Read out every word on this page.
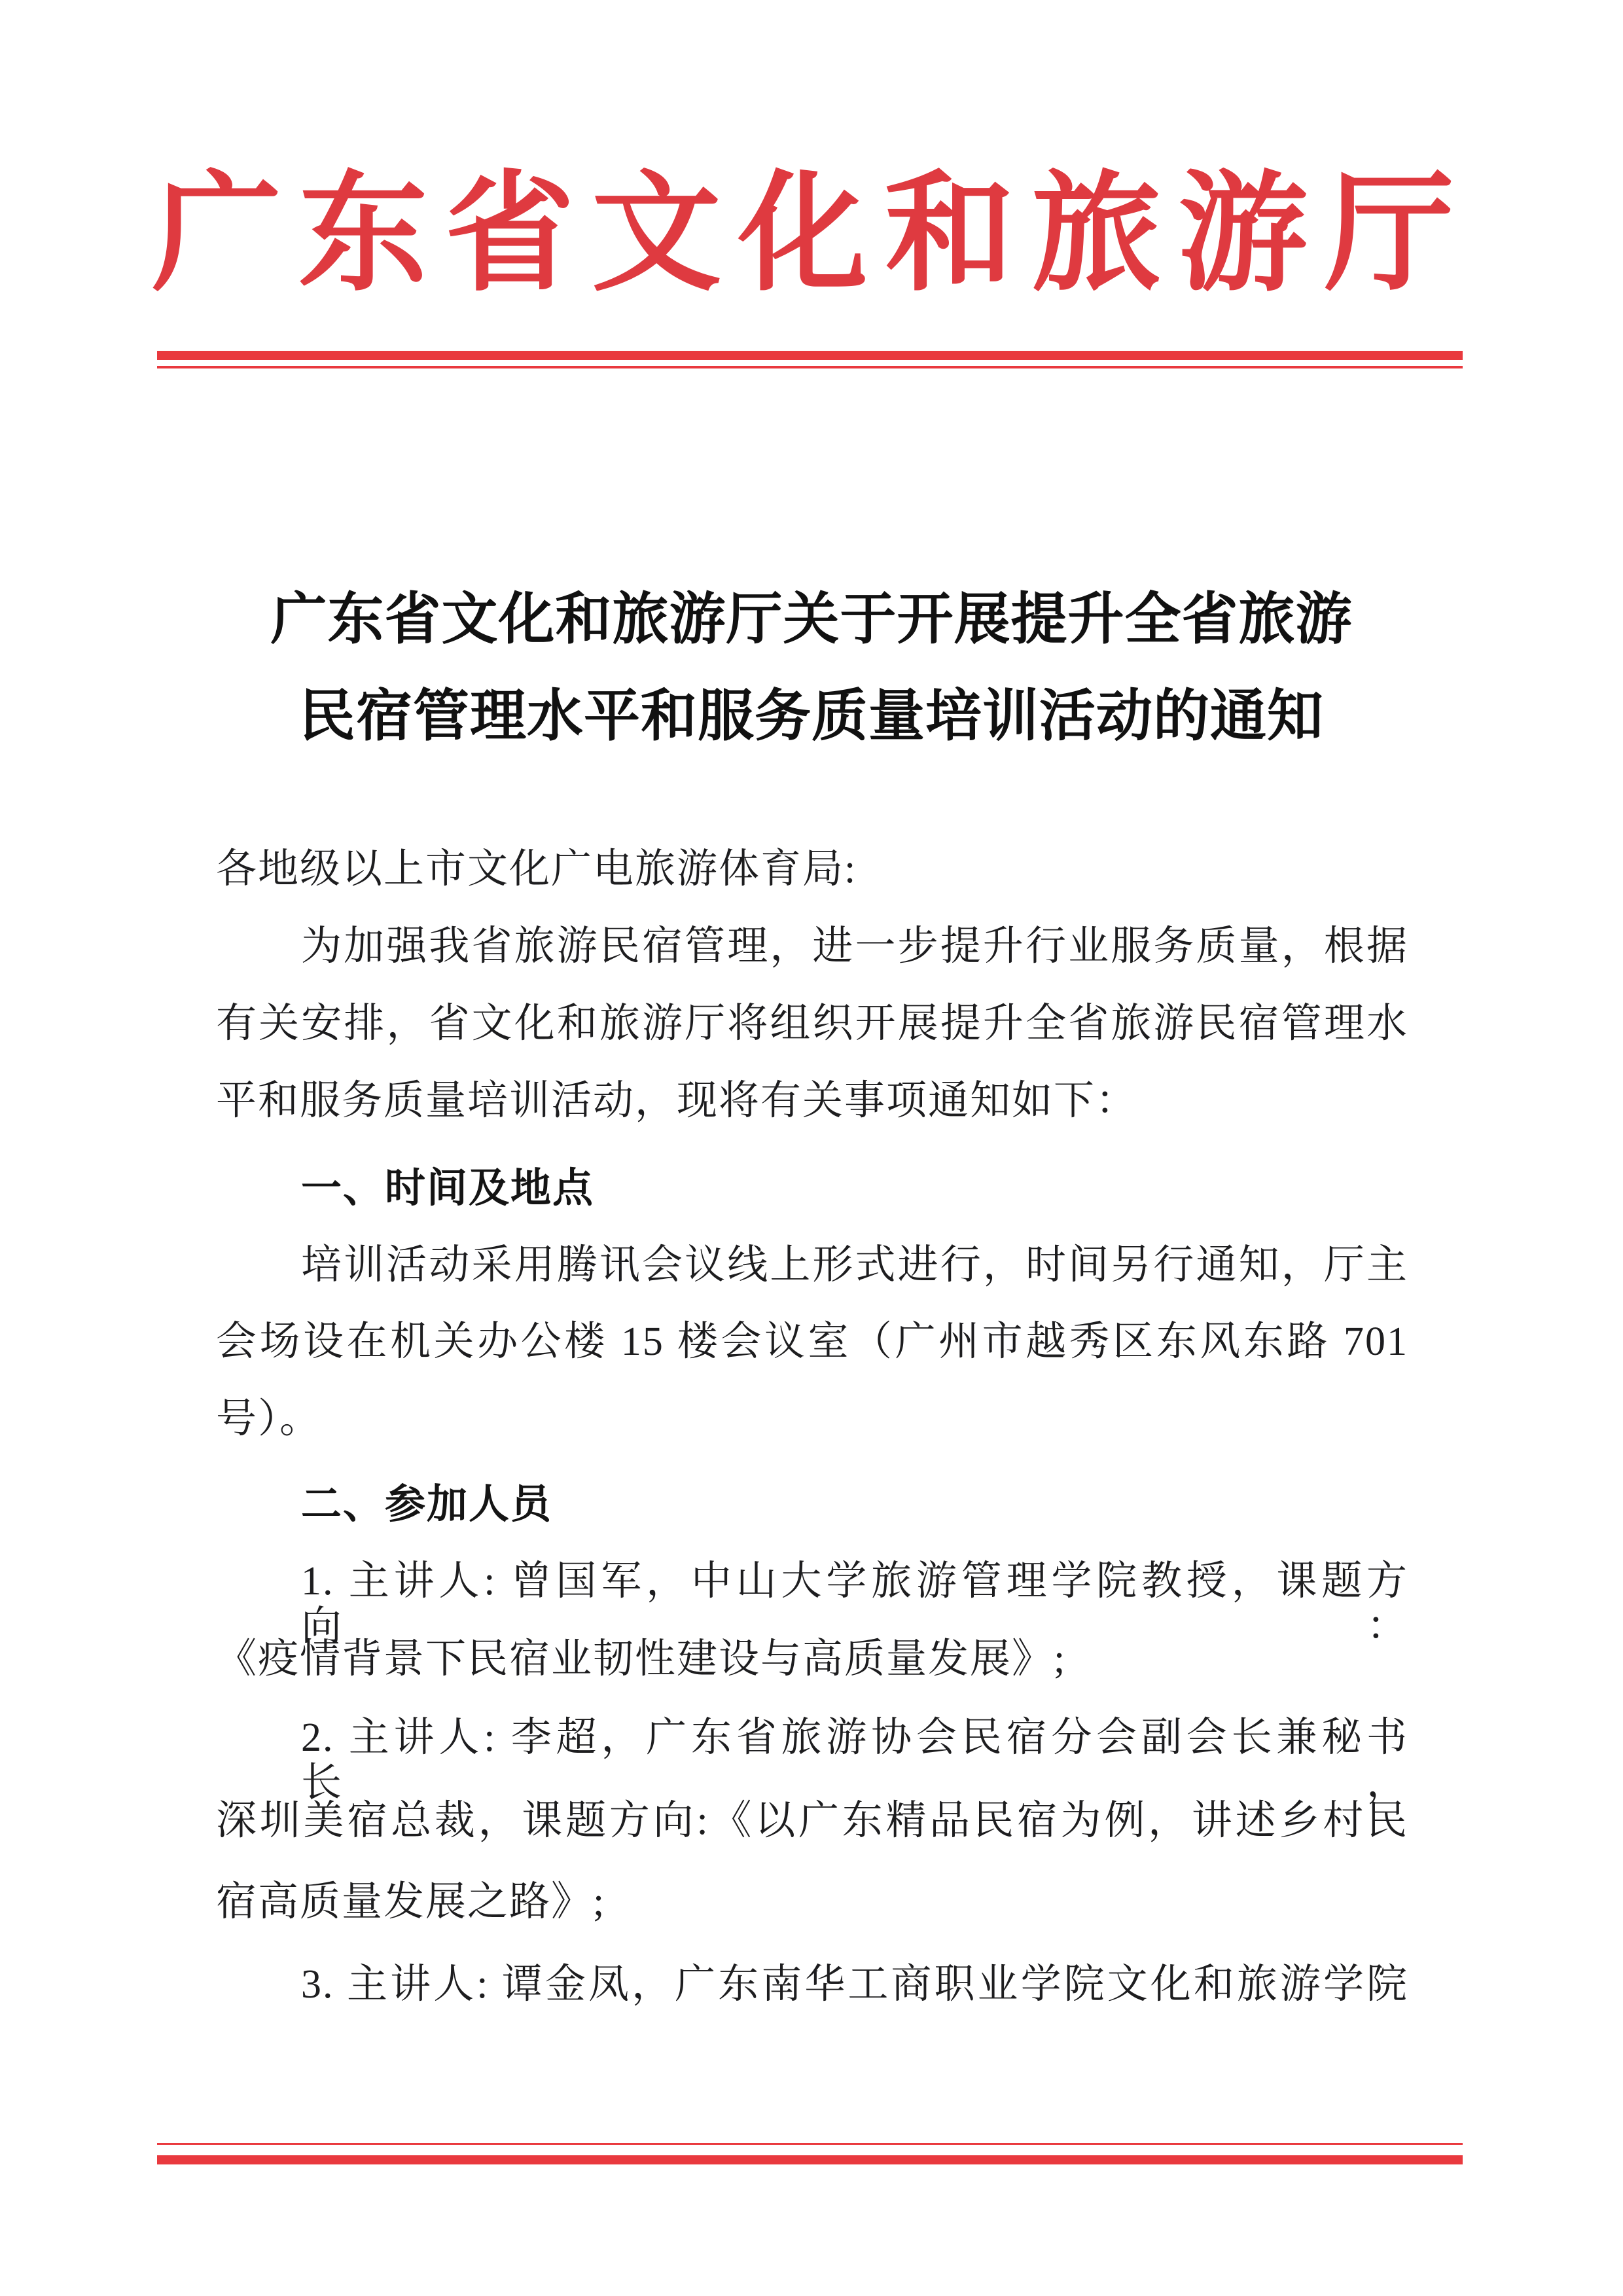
广东省文化和旅游厅
广东省文化和旅游厅关于开展提升全省旅游
民宿管理水平和服务质量培训活动的通知
各地级以上市文化广电旅游体育局:
为加强我省旅游民宿管理，进一步提升行业服务质量，根据
有关安排，省文化和旅游厅将组织开展提升全省旅游民宿管理水
平和服务质量培训活动，现将有关事项通知如下：
一、时间及地点
培训活动采用腾讯会议线上形式进行，时间另行通知，厅主
会场设在机关办公楼 15 楼会议室（广州市越秀区东风东路 701
号）。
二、参加人员
1. 主讲人: 曾国军，中山大学旅游管理学院教授，课题方向：
《疫情背景下民宿业韧性建设与高质量发展》;
2. 主讲人: 李超，广东省旅游协会民宿分会副会长兼秘书长，
深圳美宿总裁，课题方向:《以广东精品民宿为例，讲述乡村民
宿高质量发展之路》;
3. 主讲人: 谭金凤，广东南华工商职业学院文化和旅游学院
